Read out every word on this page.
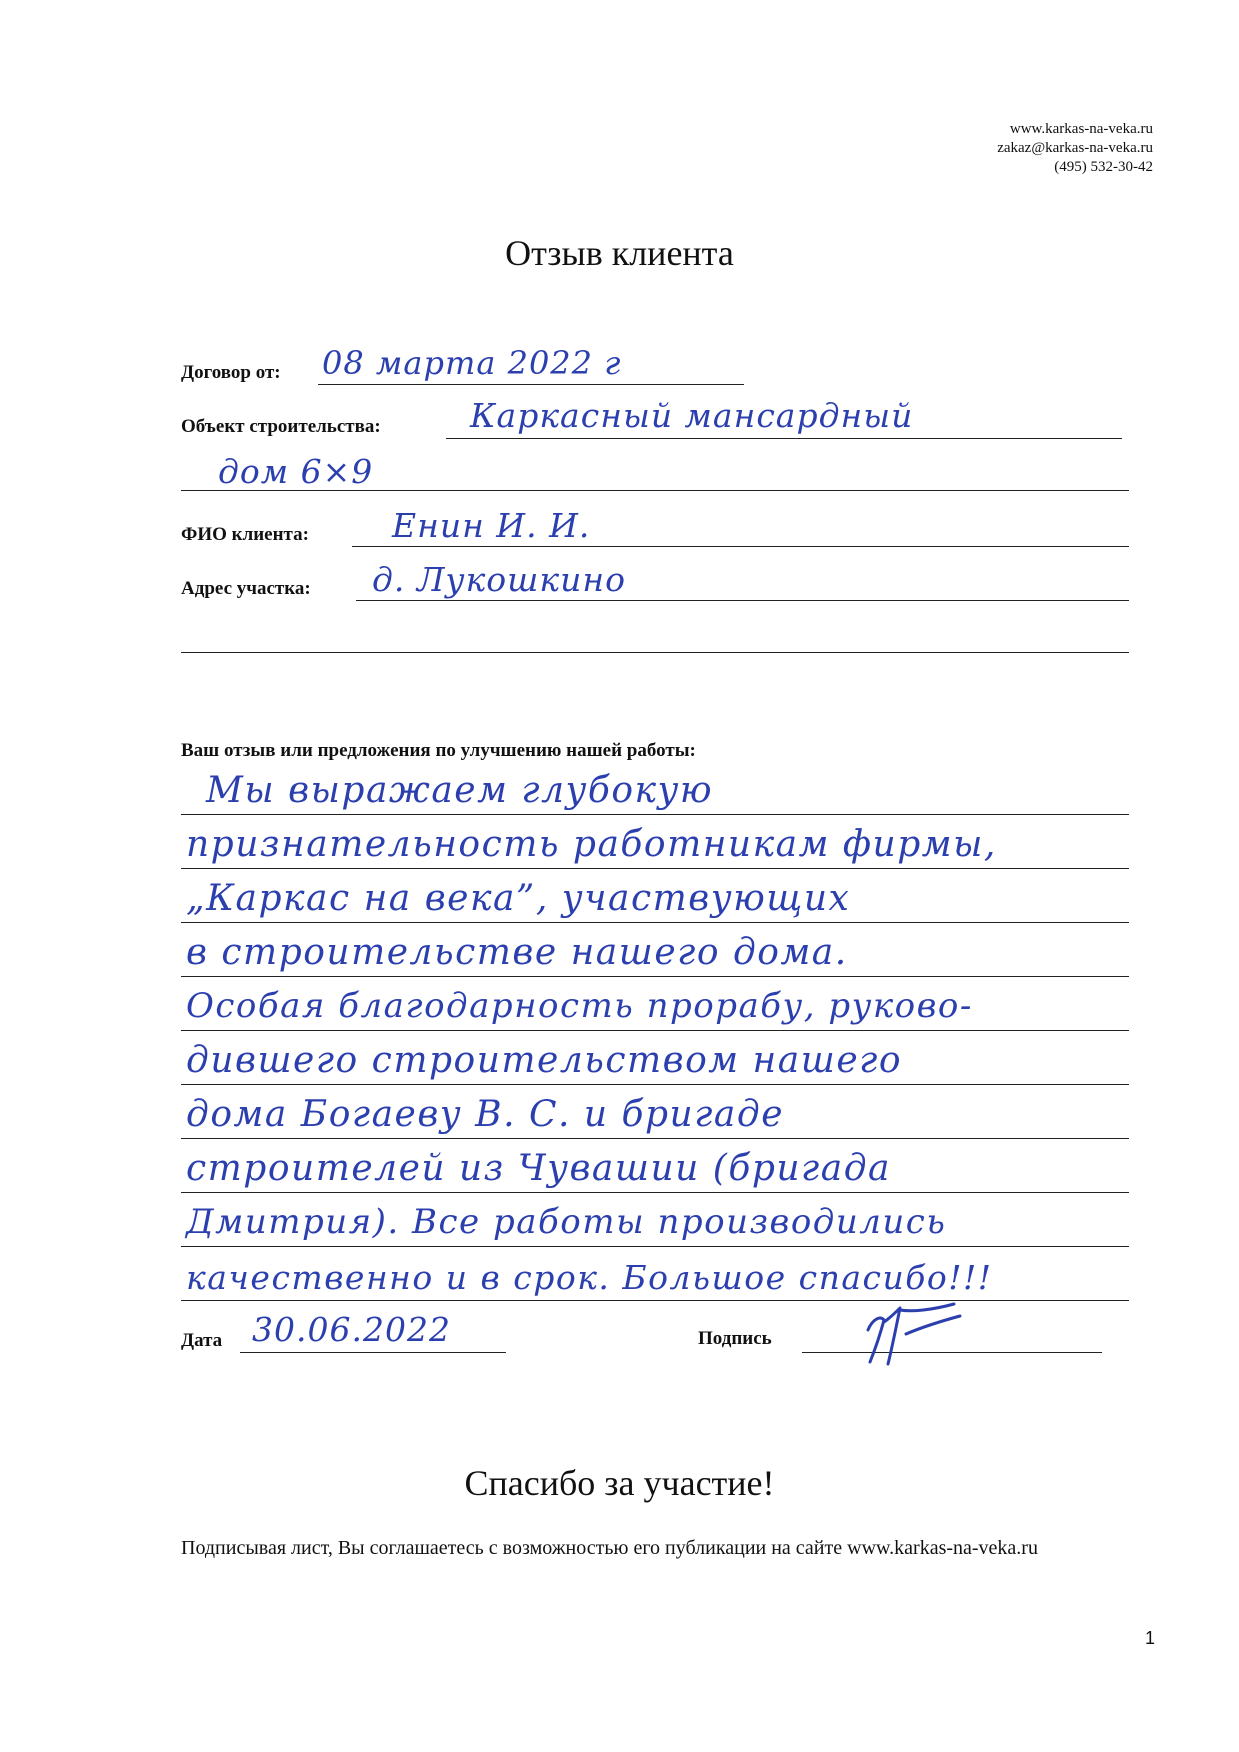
www.karkas-na-veka.ru
zakaz@karkas-na-veka.ru
(495) 532-30-42
Отзыв клиента
Договор от: 08 марта 2022 г
Объект строительства:	Каркасный мансардный
дом 6×9
ФИО клиента:	Енин И. И.
Адрес участка: д. Лукошкино
Ваш отзыв или предложения по улучшению нашей работы:
Мы выражаем глубокую
признательность работникам фирмы,
„Каркас на века”, участвующих
в строительстве нашего дома.
Особая благодарность прорабу, руково-
дившего строительством нашего
дома Богаеву В. С. и бригаде
строителей из Чувашии (бригада
Дмитрия). Все работы производились
качественно и в срок. Большое спасибо!!!
Дата 30.06.2022	Подпись
Спасибо за участие!
Подписывая лист, Вы соглашаетесь с возможностью его публикации на сайте www.karkas-na-veka.ru
1
